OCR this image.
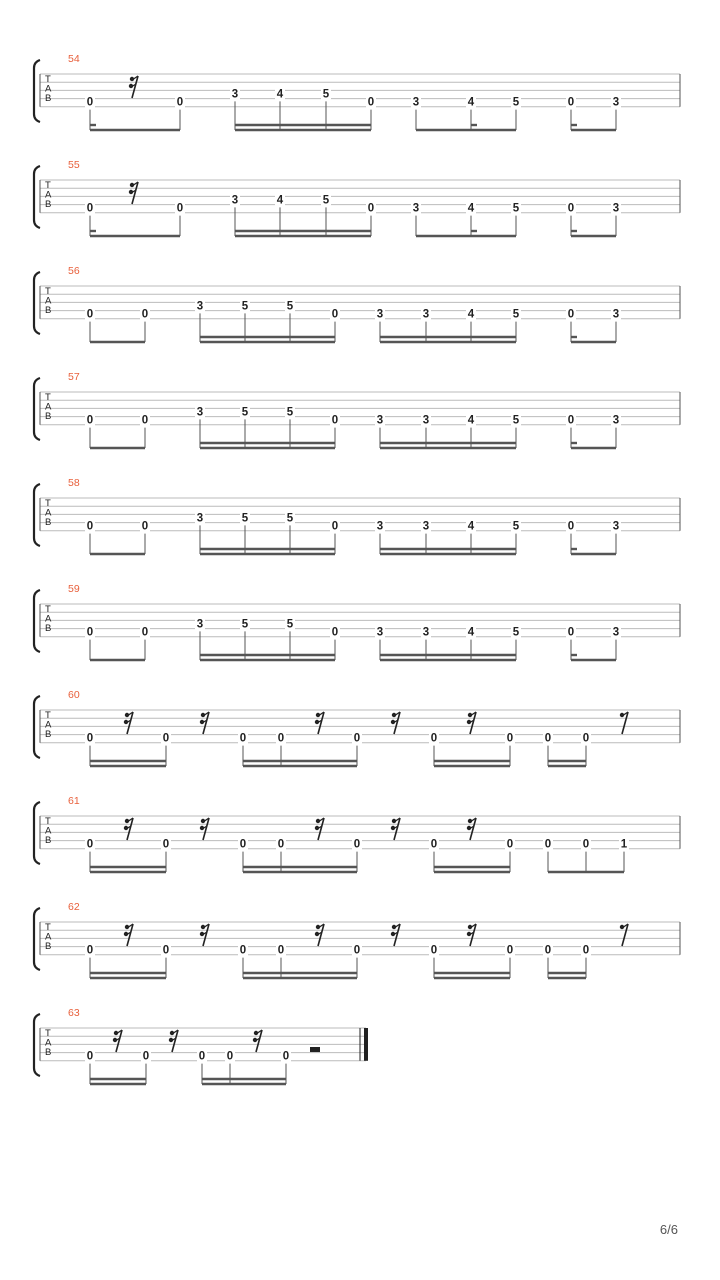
54
T
A
B	0	0
3	4	5
0	3	4	5	0	3
55
T
A
B	0	0
3	4	5
0	3	4	5	0	3
56
T
A
B	0	0
3	5	5
0	3	3	4	5	0	3
57
T
A
B	0	0
3	5	5
0	3	3	4	5	0	3
58
T
A
B	0	0
3	5	5
0	3	3	4	5	0	3
59
T
A
B	0	0
3	5	5
0	3	3	4	5	0	3
60
T
A
B	0	0	0	0	0	0	0	0	0
61
T
A
B	0	0	0	0	0	0	0	0	0	1
62
T
A
B	0	0	0	0	0	0	0	0	0
63
T
A
B	0	0	0 0	0
6/6
